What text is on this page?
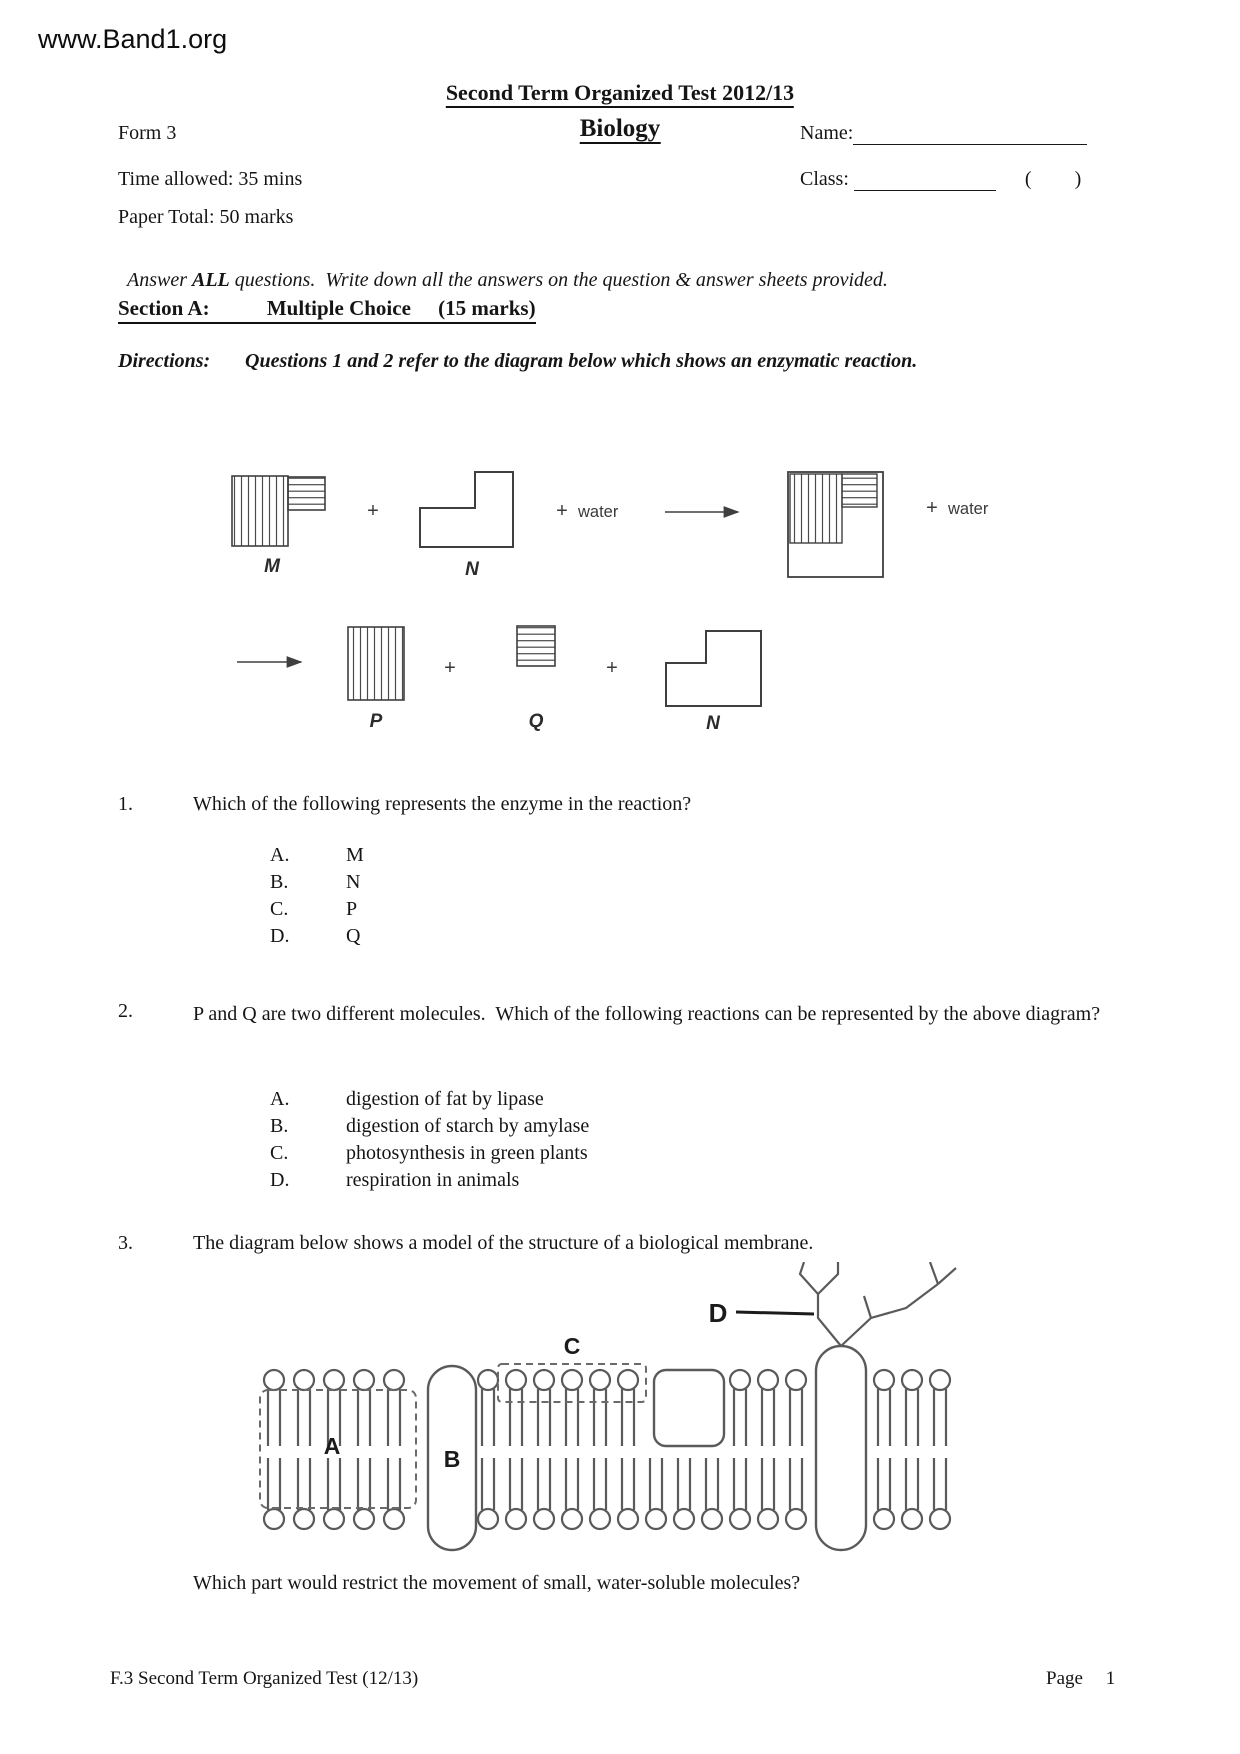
www.Band1.org
Second Term Organized Test 2012/13
Form 3	Biology	Name:
Time allowed: 35 mins	Class:	( )
Paper Total: 50 marks

Answer ALL questions.  Write down all the answers on the question & answer sheets provided.

Section A:	Multiple Choice (15 marks)
Directions: Questions 1 and 2 refer to the diagram below which shows an enzymatic reaction.
M
+
N
+ water	+ water
P
+
Q
+
N
1.	Which of the following represents the enzyme in the reaction?
A.	M
B.	N
C.	P
D.	Q
2.	P and Q are two different molecules.  Which of the following reactions can be represented by the above diagram?
A.	digestion of fat by lipase
B.	digestion of starch by amylase
C.	photosynthesis in green plants
D.	respiration in animals
3.	The diagram below shows a model of the structure of a biological membrane.
A	B
C
D
Which part would restrict the movement of small, water-soluble molecules?
F.3 Second Term Organized Test (12/13)	Page 1
